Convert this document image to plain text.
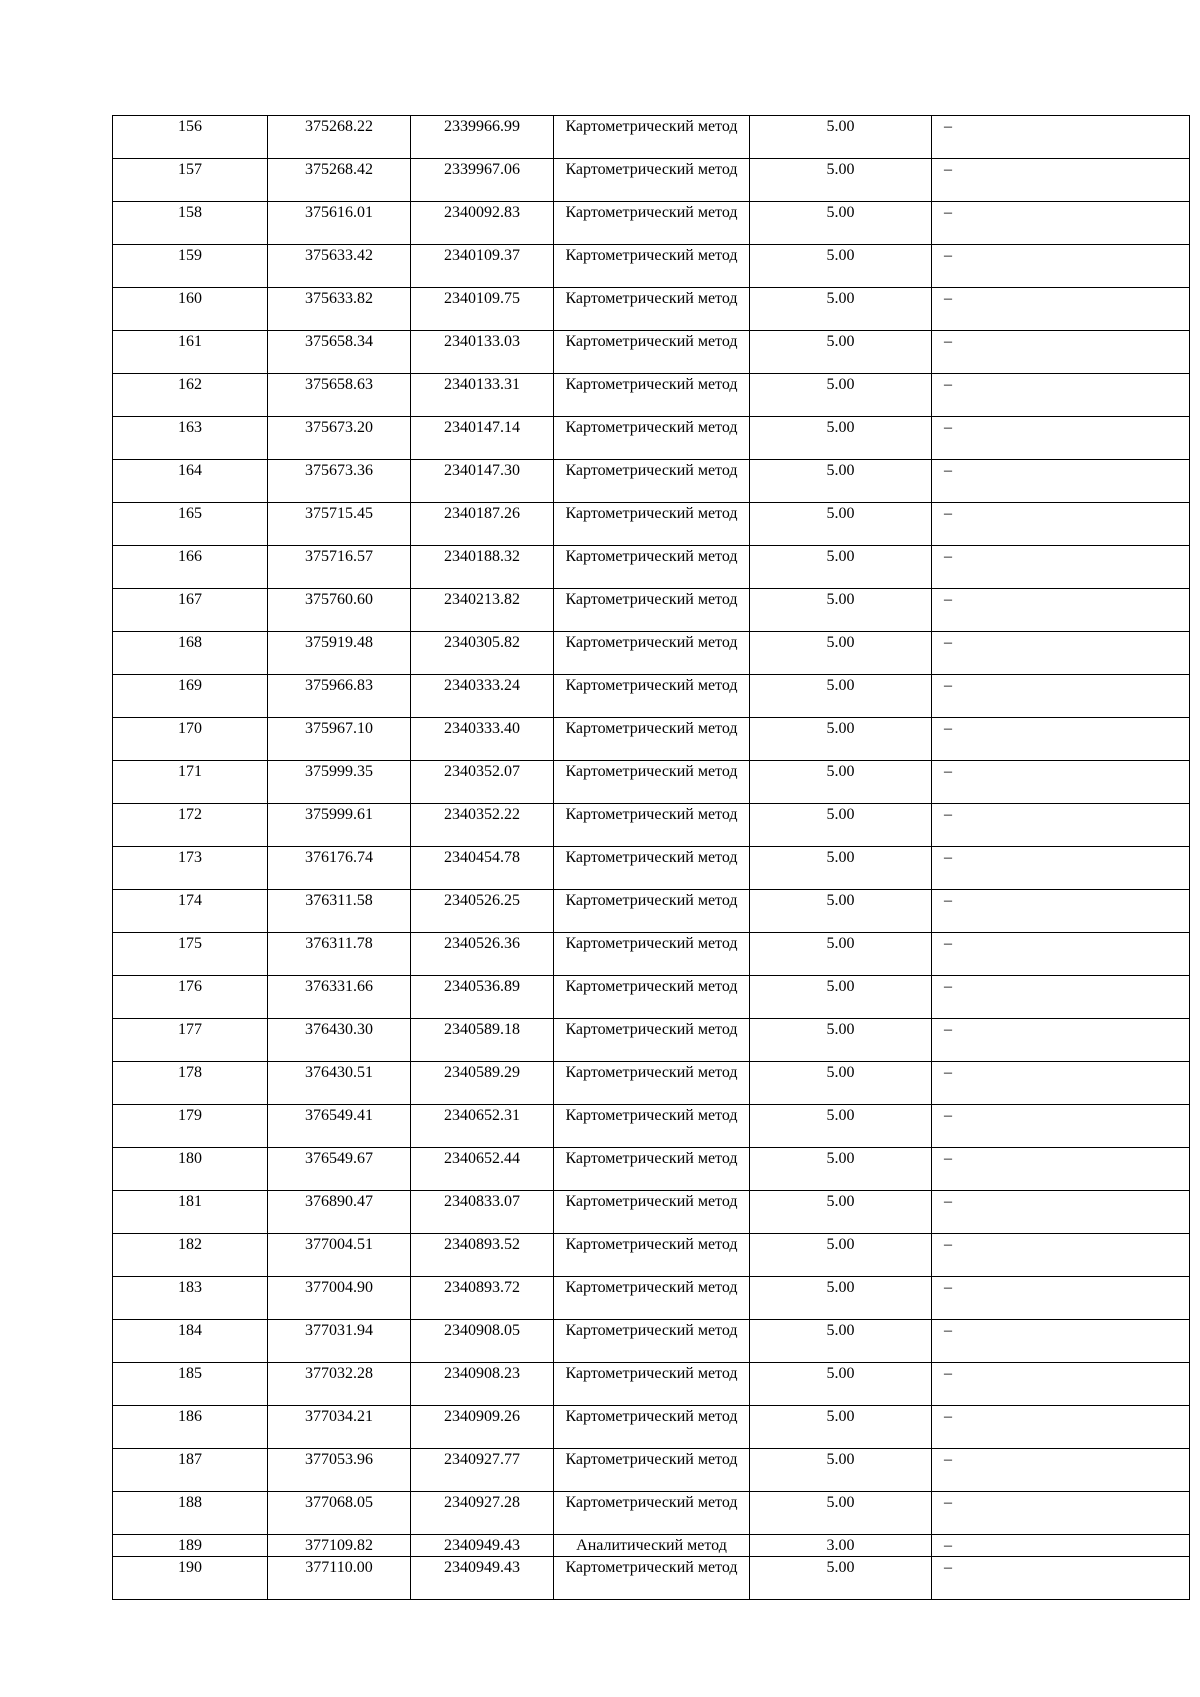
156	375268.22	2339966.99	Картометрический метод	5.00	–
157	375268.42	2339967.06	Картометрический метод	5.00	–
158	375616.01	2340092.83	Картометрический метод	5.00	–
159	375633.42	2340109.37	Картометрический метод	5.00	–
160	375633.82	2340109.75	Картометрический метод	5.00	–
161	375658.34	2340133.03	Картометрический метод	5.00	–
162	375658.63	2340133.31	Картометрический метод	5.00	–
163	375673.20	2340147.14	Картометрический метод	5.00	–
164	375673.36	2340147.30	Картометрический метод	5.00	–
165	375715.45	2340187.26	Картометрический метод	5.00	–
166	375716.57	2340188.32	Картометрический метод	5.00	–
167	375760.60	2340213.82	Картометрический метод	5.00	–
168	375919.48	2340305.82	Картометрический метод	5.00	–
169	375966.83	2340333.24	Картометрический метод	5.00	–
170	375967.10	2340333.40	Картометрический метод	5.00	–
171	375999.35	2340352.07	Картометрический метод	5.00	–
172	375999.61	2340352.22	Картометрический метод	5.00	–
173	376176.74	2340454.78	Картометрический метод	5.00	–
174	376311.58	2340526.25	Картометрический метод	5.00	–
175	376311.78	2340526.36	Картометрический метод	5.00	–
176	376331.66	2340536.89	Картометрический метод	5.00	–
177	376430.30	2340589.18	Картометрический метод	5.00	–
178	376430.51	2340589.29	Картометрический метод	5.00	–
179	376549.41	2340652.31	Картометрический метод	5.00	–
180	376549.67	2340652.44	Картометрический метод	5.00	–
181	376890.47	2340833.07	Картометрический метод	5.00	–
182	377004.51	2340893.52	Картометрический метод	5.00	–
183	377004.90	2340893.72	Картометрический метод	5.00	–
184	377031.94	2340908.05	Картометрический метод	5.00	–
185	377032.28	2340908.23	Картометрический метод	5.00	–
186	377034.21	2340909.26	Картометрический метод	5.00	–
187	377053.96	2340927.77	Картометрический метод	5.00	–
188	377068.05	2340927.28	Картометрический метод	5.00	–
189	377109.82	2340949.43	Аналитический метод	3.00	–
190	377110.00	2340949.43	Картометрический метод	5.00	–
